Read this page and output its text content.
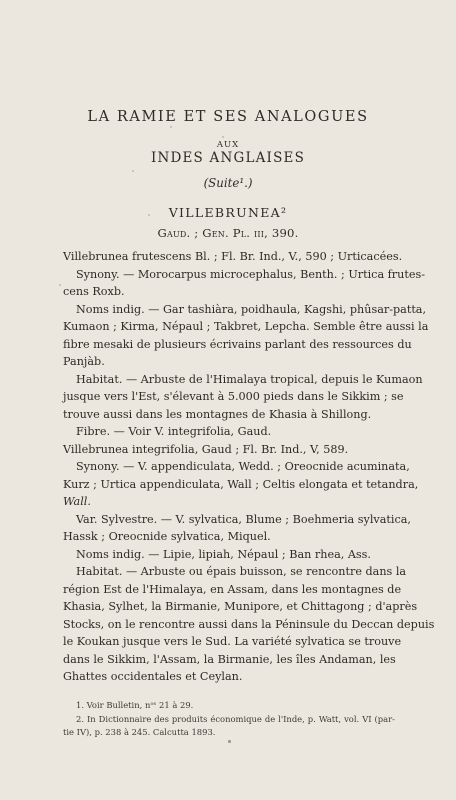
LA RAMIE ET SES ANALOGUES
AUX
INDES ANGLAISES
(Suite¹.)
VILLEBRUNEA²
Gaud. ; Gen. Pl. iii, 390.
Villebrunea frutescens Bl. ; Fl. Br. Ind., V., 590 ; Urticacées.
Synony. — Morocarpus microcephalus, Benth. ; Urtica frutes-
cens Roxb.
Noms indig. — Gar tashiàra, poidhaula, Kagshi, phûsar-patta,
Kumaon ; Kirma, Népaul ; Takbret, Lepcha. Semble être aussi la
fibre mesaki de plusieurs écrivains parlant des ressources du
Panjàb.
Habitat. — Arbuste de l'Himalaya tropical, depuis le Kumaon
jusque vers l'Est, s'élevant à 5.000 pieds dans le Sikkim ; se
trouve aussi dans les montagnes de Khasia à Shillong.
Fibre. — Voir V. integrifolia, Gaud.
Villebrunea integrifolia, Gaud ; Fl. Br. Ind., V, 589.
Synony. — V. appendiculata, Wedd. ; Oreocnide acuminata,
Kurz ; Urtica appendiculata, Wall ; Celtis elongata et tetandra,
Wall.
Var. Sylvestre. — V. sylvatica, Blume ; Boehmeria sylvatica,
Hassk ; Oreocnide sylvatica, Miquel.
Noms indig. — Lipie, lipiah, Népaul ; Ban rhea, Ass.
Habitat. — Arbuste ou épais buisson, se rencontre dans la
région Est de l'Himalaya, en Assam, dans les montagnes de
Khasia, Sylhet, la Birmanie, Munipore, et Chittagong ; d'après
Stocks, on le rencontre aussi dans la Péninsule du Deccan depuis
le Koukan jusque vers le Sud. La variété sylvatica se trouve
dans le Sikkim, l'Assam, la Birmanie, les îles Andaman, les
Ghattes occidentales et Ceylan.
1. Voir Bulletin, nᵒˢ 21 à 29.
2. In Dictionnaire des produits économique de l'Inde, p. Watt, vol. VI (par-
tie IV), p. 238 à 245. Calcutta 1893.
